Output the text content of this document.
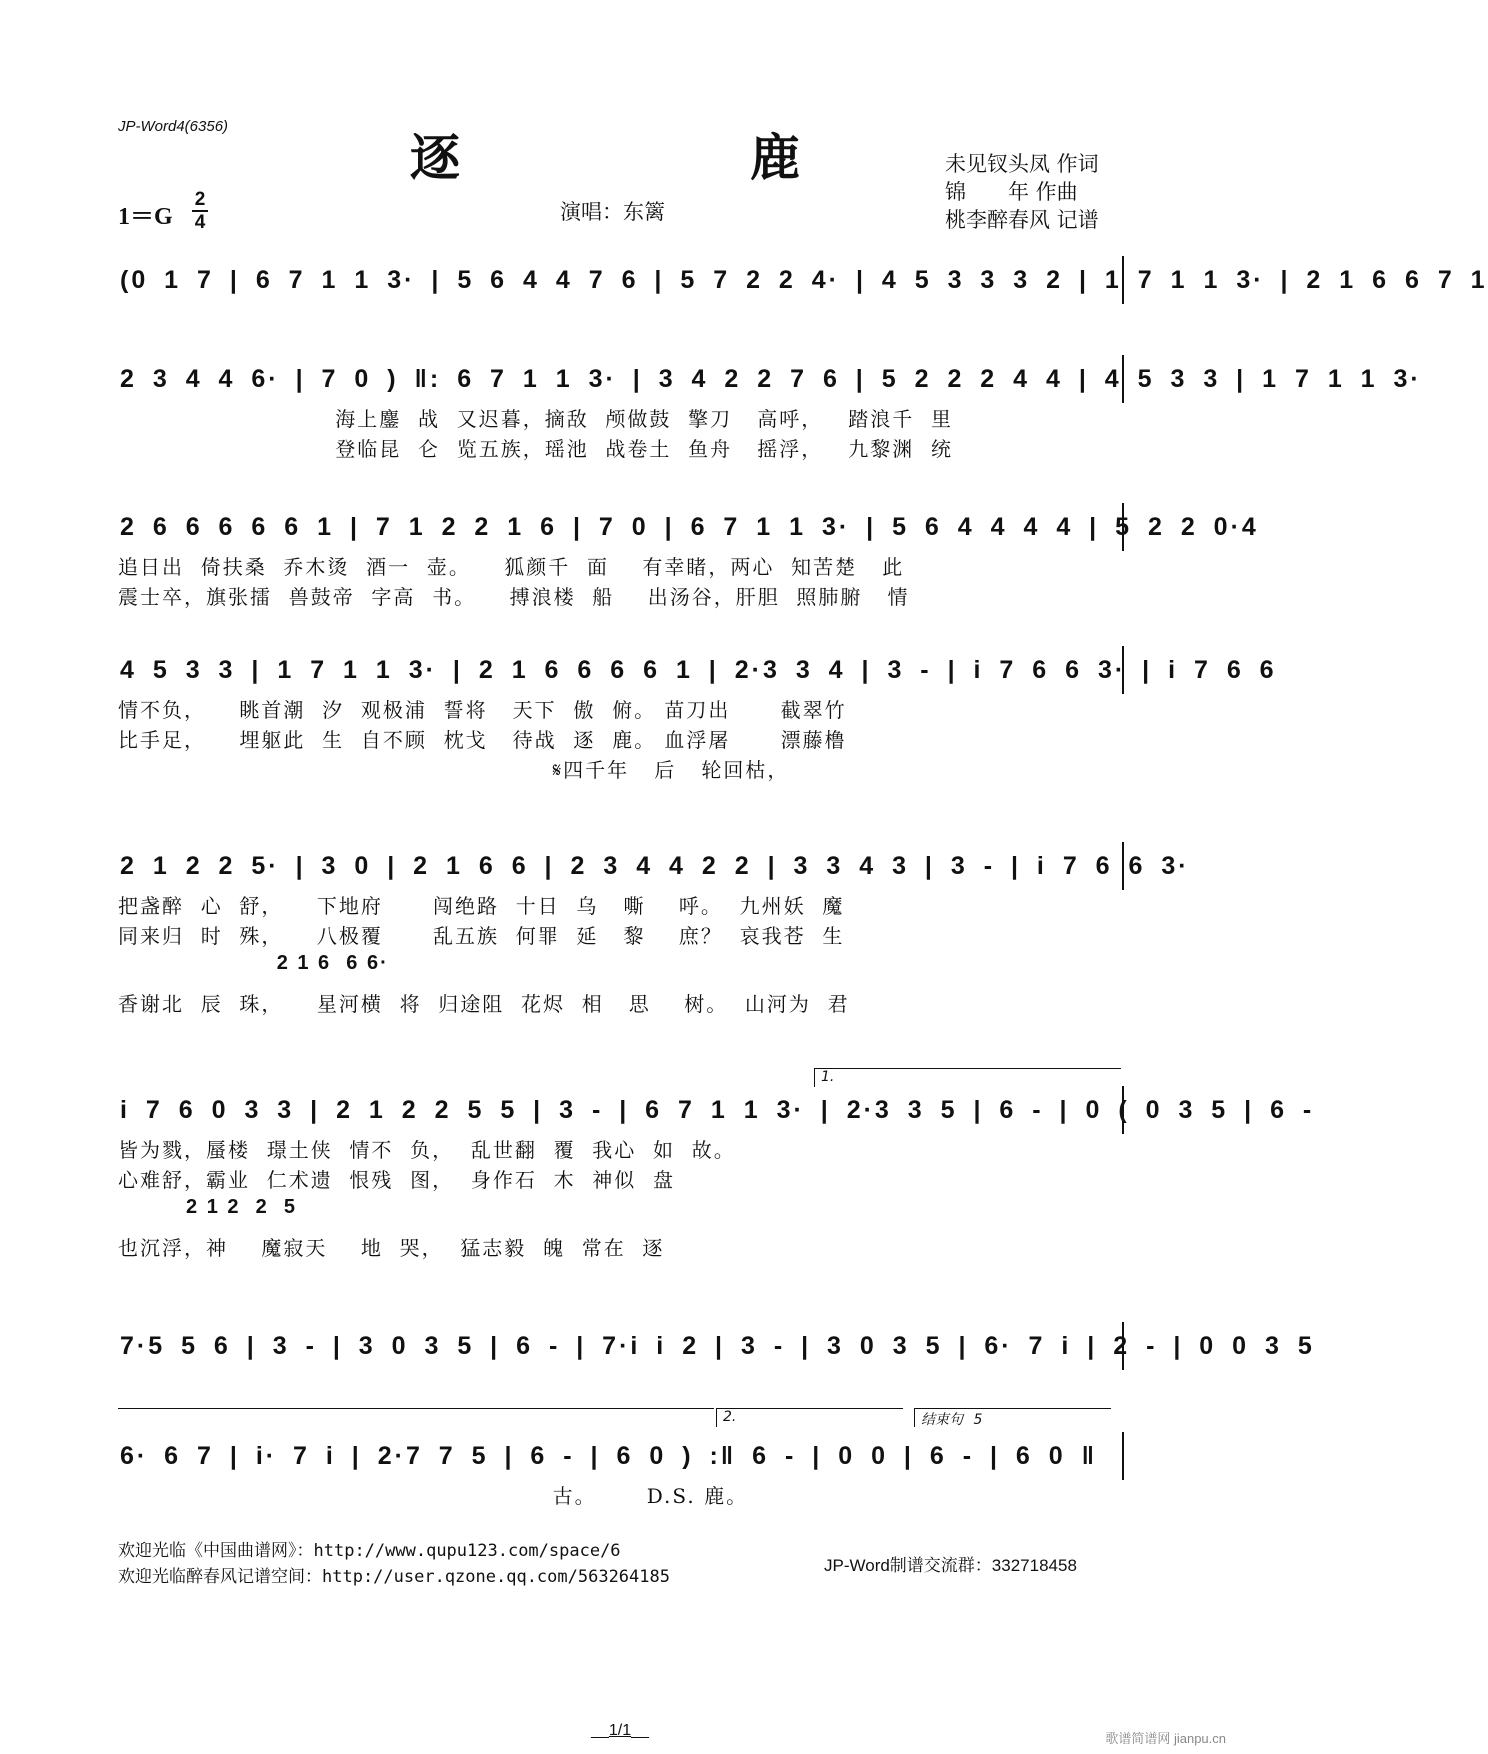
JP-Word4(6356)
逐　鹿	未见钗头凤 作词
锦　　年 作曲
桃李醉春风 记谱
1＝G
2
4	演唱：东篱
(0 1 7 | 6 7 1 1 3· | 5 6 4 4 7 6 | 5 7 2 2 4· | 4 5 3 3 3 2 | 1 7 1 1 3· | 2 1 6 6 7 1
2 3 4 4 6· | 7 0 ) ‖: 6 7 1 1 3· | 3 4 2 2 7 6 | 5 2 2 2 4 4 | 4 5 3 3 | 1 7 1 1 3·
海上鏖  战  又迟暮，摘敌  颅做鼓  擎刀   高呼，   踏浪千  里
登临昆  仑  览五族，瑶池  战卷土  鱼舟   摇浮，   九黎渊  统
2 6 6 6 6 6 1 | 7 1 2 2 1 6 | 7 0 | 6 7 1 1 3· | 5 6 4 4 4 4 | 5 2 2 0·4
追日出  倚扶桑  乔木烫  酒一  壶。    狐颜千  面    有幸睹，两心  知苦楚   此
震士卒，旗张擂  兽鼓帝  字高  书。    搏浪楼  船    出汤谷，肝胆  照肺腑   情
4 5 3 3 | 1 7 1 1 3· | 2 1 6 6 6 6 1 | 2·3 3 4 | 3 - | i 7 6 6 3· | i 7 6 6
情不负，    眺首潮  汐  观极浦  誓将   天下  傲  俯。 苗刀出      截翠竹
比手足，    埋躯此  生  自不顾  枕戈   待战  逐  鹿。 血浮屠      漂藤橹
𝄋四千年   后   轮回枯，
2 1 2 2 5· | 3 0 | 2 1 6 6 | 2 3 4 4 2 2 | 3 3 4 3 | 3 - | i 7 6 6 3·
把盏醉  心  舒，    下地府      闯绝路  十日  乌   嘶    呼。  九州妖  魔
同来归  时  殊，    八极覆      乱五族  何罪  延   黎    庶？  哀我苍  生
2 1 6  6 6·
香谢北  辰  珠，    星河横  将  归途阻  花烬  相   思    树。  山河为  君
1.
i 7 6 0 3 3 | 2 1 2 2 5 5 | 3 - | 6 7 1 1 3· | 2·3 3 5 | 6 - | 0 ( 0 3 5 | 6 -
皆为戮，蜃楼  璟土侠  情不  负，  乱世翻  覆  我心  如  故。
心难舒，霸业  仁术遗  恨残  图，  身作石  木  神似  盘
2 1 2  2  5
也沉浮，神    魔寂天    地  哭，  猛志毅  魄  常在  逐
7·5 5 6 | 3 - | 3 0 3 5 | 6 - | 7·i i 2 | 3 - | 3 0 3 5 | 6· 7 i | 2 - | 0 0 3 5
2.	结束句 5
6· 6 7 | i· 7 i | 2·7 7 5 | 6 - | 6 0 ) :‖ 6 - | 0 0 | 6 - | 6 0 ‖
古。      D.S. 鹿。
欢迎光临《中国曲谱网》：http://www.qupu123.com/space/6
欢迎光临醉春风记谱空间：http://user.qzone.qq.com/563264185
JP-Word制谱交流群：332718458
__1/1__	歌谱简谱网 jianpu.cn
